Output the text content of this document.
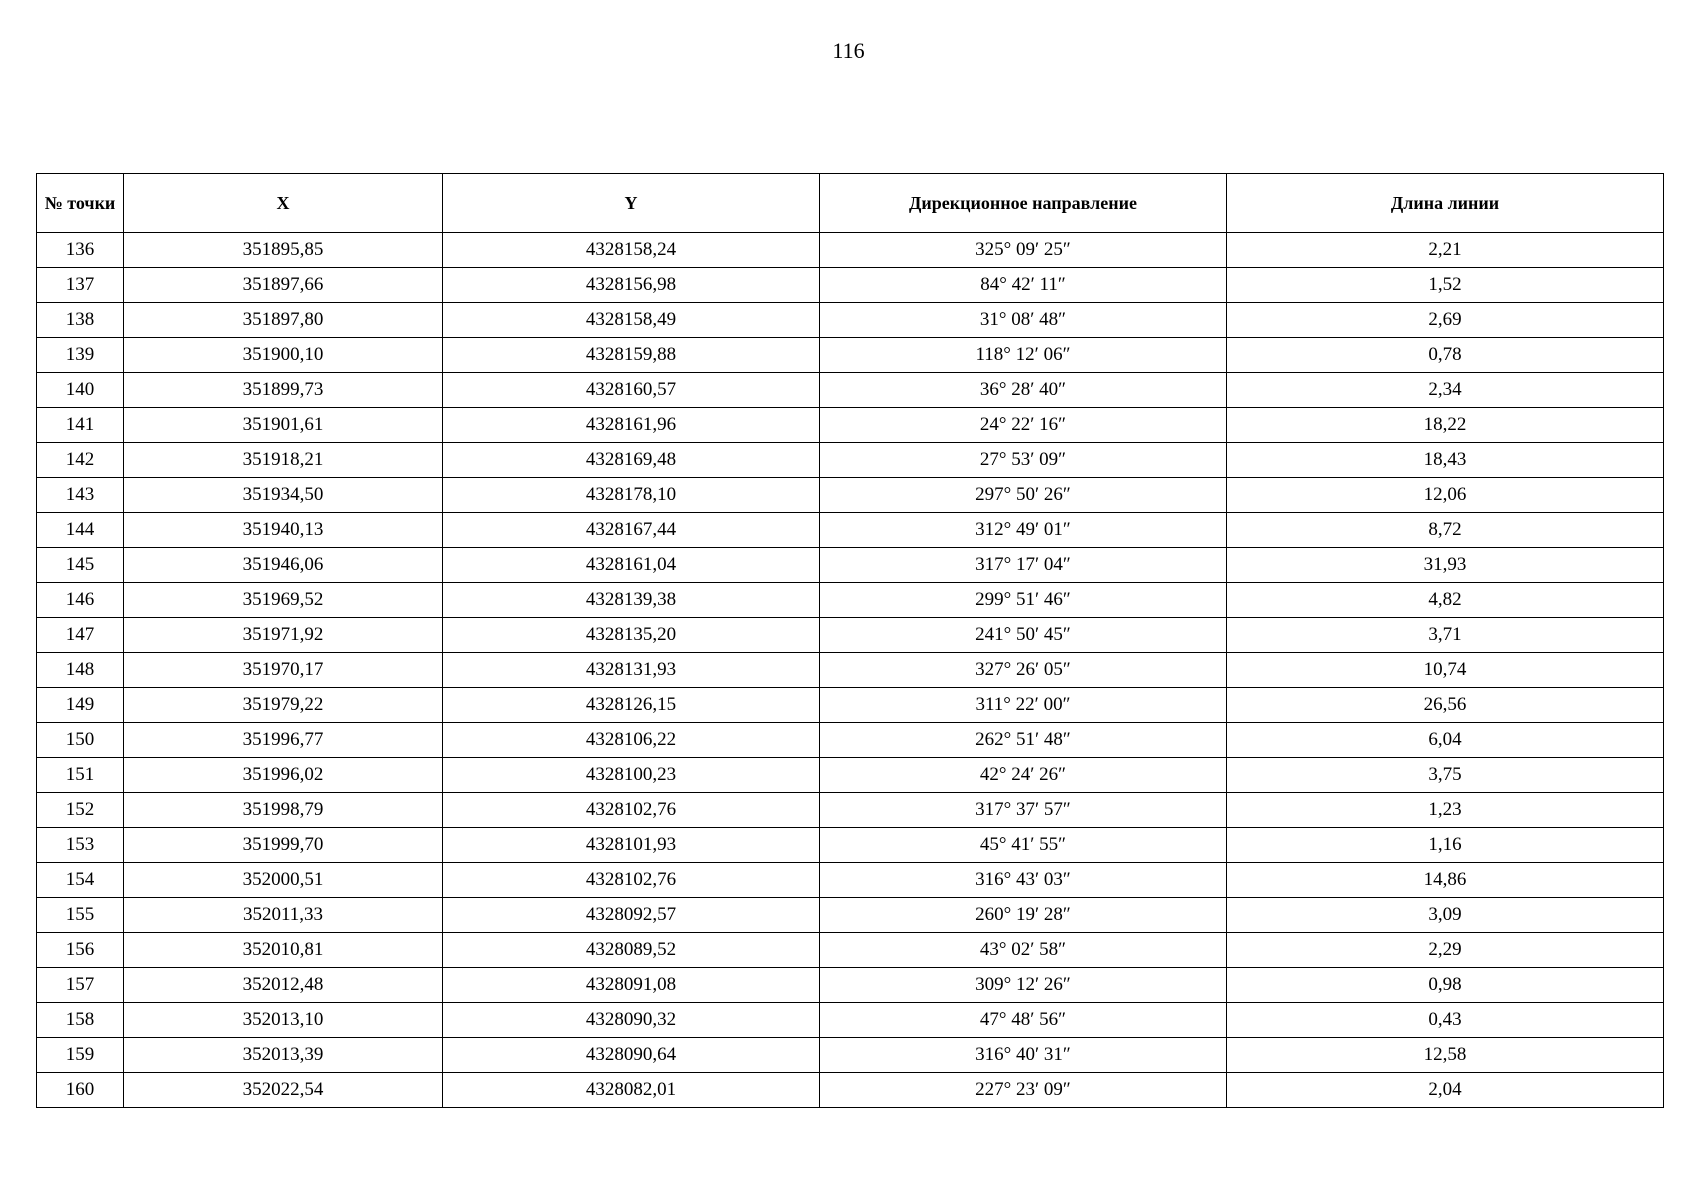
116
№ точки	X	Y	Дирекционное направление	Длина линии
136	351895,85	4328158,24	325° 09′ 25″	2,21
137	351897,66	4328156,98	84° 42′ 11″	1,52
138	351897,80	4328158,49	31° 08′ 48″	2,69
139	351900,10	4328159,88	118° 12′ 06″	0,78
140	351899,73	4328160,57	36° 28′ 40″	2,34
141	351901,61	4328161,96	24° 22′ 16″	18,22
142	351918,21	4328169,48	27° 53′ 09″	18,43
143	351934,50	4328178,10	297° 50′ 26″	12,06
144	351940,13	4328167,44	312° 49′ 01″	8,72
145	351946,06	4328161,04	317° 17′ 04″	31,93
146	351969,52	4328139,38	299° 51′ 46″	4,82
147	351971,92	4328135,20	241° 50′ 45″	3,71
148	351970,17	4328131,93	327° 26′ 05″	10,74
149	351979,22	4328126,15	311° 22′ 00″	26,56
150	351996,77	4328106,22	262° 51′ 48″	6,04
151	351996,02	4328100,23	42° 24′ 26″	3,75
152	351998,79	4328102,76	317° 37′ 57″	1,23
153	351999,70	4328101,93	45° 41′ 55″	1,16
154	352000,51	4328102,76	316° 43′ 03″	14,86
155	352011,33	4328092,57	260° 19′ 28″	3,09
156	352010,81	4328089,52	43° 02′ 58″	2,29
157	352012,48	4328091,08	309° 12′ 26″	0,98
158	352013,10	4328090,32	47° 48′ 56″	0,43
159	352013,39	4328090,64	316° 40′ 31″	12,58
160	352022,54	4328082,01	227° 23′ 09″	2,04
